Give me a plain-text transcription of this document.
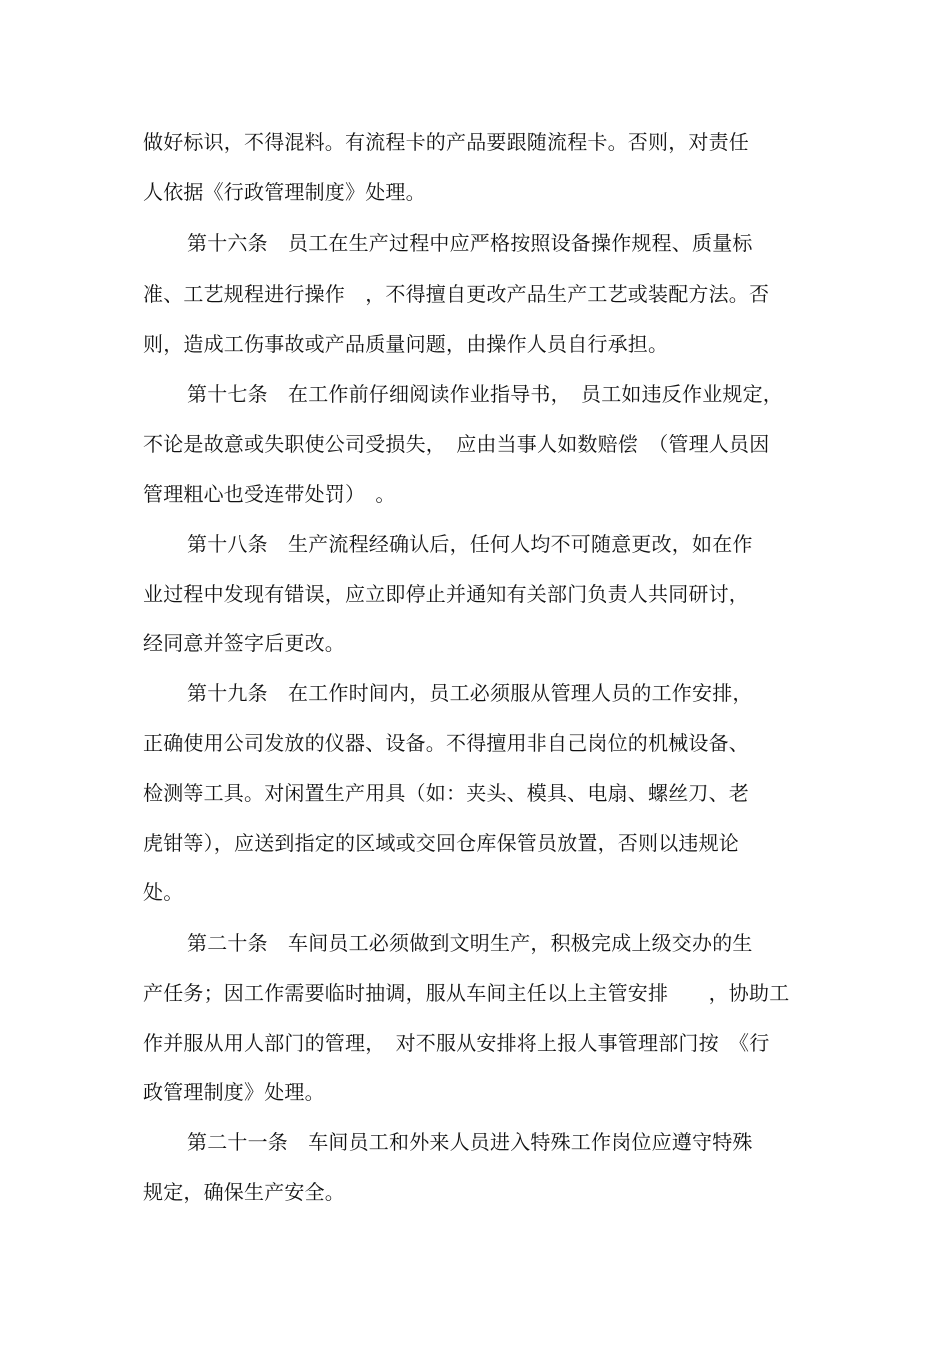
做好标识，不得混料。有流程卡的产品要跟随流程卡。否则，对责任
人依据《行政管理制度》处理。
第十六条　员工在生产过程中应严格按照设备操作规程、质量标
准、工艺规程进行操作　，不得擅自更改产品生产工艺或装配方法。否
则，造成工伤事故或产品质量问题，由操作人员自行承担。
第十七条　在工作前仔细阅读作业指导书，　员工如违反作业规定，
不论是故意或失职使公司受损失，　应由当事人如数赔偿　（管理人员因
管理粗心也受连带处罚）　。
第十八条　生产流程经确认后，任何人均不可随意更改，如在作
业过程中发现有错误，应立即停止并通知有关部门负责人共同研讨，
经同意并签字后更改。
第十九条　在工作时间内，员工必须服从管理人员的工作安排，
正确使用公司发放的仪器、设备。不得擅用非自己岗位的机械设备、
检测等工具。对闲置生产用具（如：夹头、模具、电扇、螺丝刀、老
虎钳等），应送到指定的区域或交回仓库保管员放置，否则以违规论
处。
第二十条　车间员工必须做到文明生产，积极完成上级交办的生
产任务；因工作需要临时抽调，服从车间主任以上主管安排　　，协助工
作并服从用人部门的管理，　对不服从安排将上报人事管理部门按　《行
政管理制度》处理。
第二十一条　车间员工和外来人员进入特殊工作岗位应遵守特殊
规定，确保生产安全。
